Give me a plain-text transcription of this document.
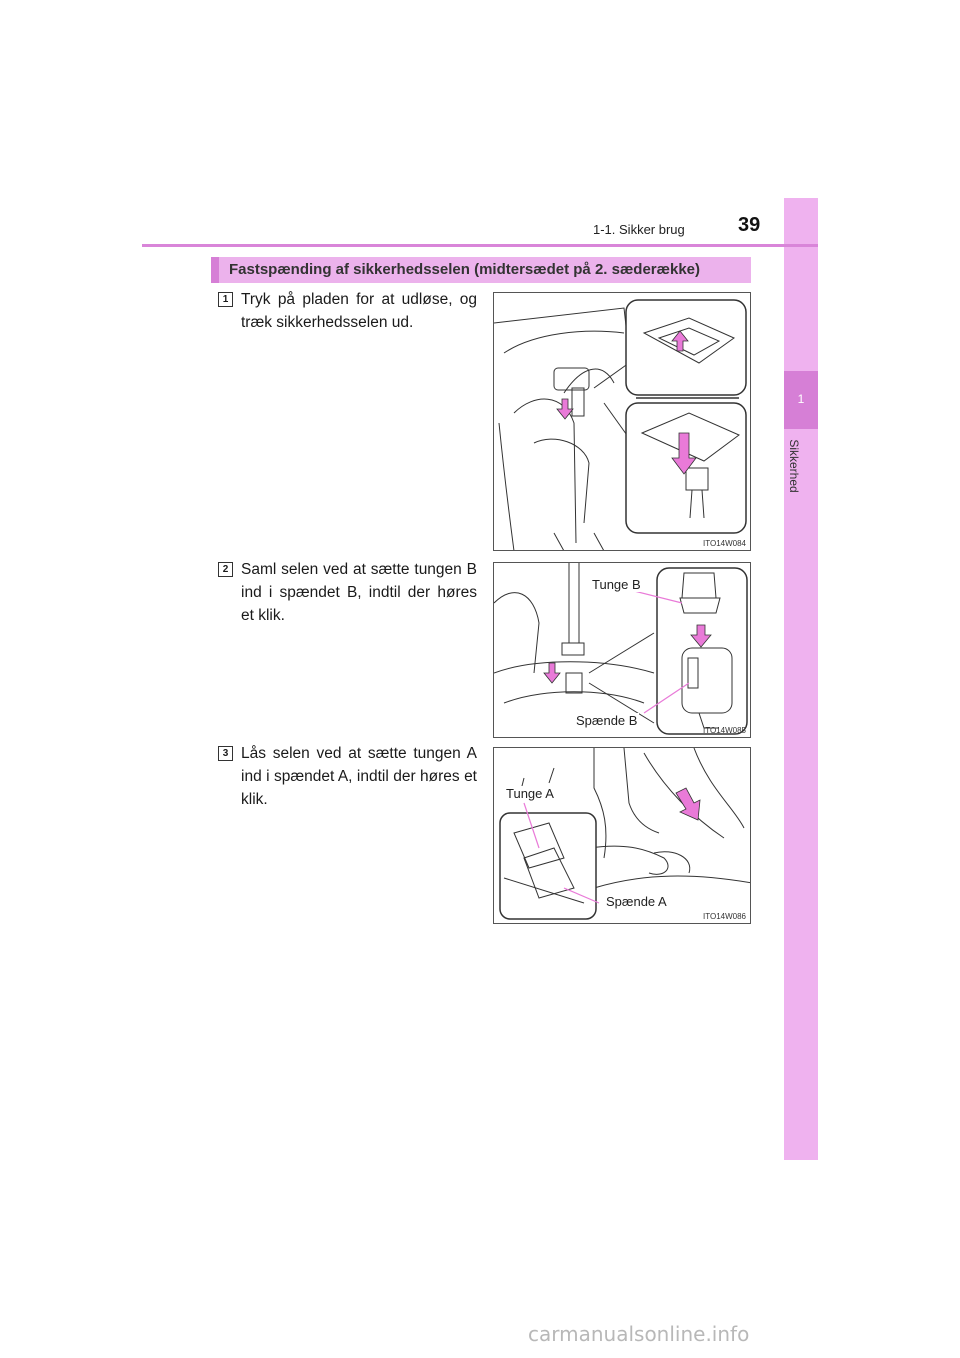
1
Sikkerhed
1-1. Sikker brug	39
Fastspænding af sikkerhedsselen (midtersædet på 2. sæderække)
1 Tryk på pladen for at udløse, og træk sikkerhedsselen ud.
ITO14W084
2 Saml selen ved at sætte tungen B ind i spændet B, indtil der høres et klik.
Tunge B
Spænde B
ITO14W085
3 Lås selen ved at sætte tungen A ind i spændet A, indtil der høres et klik.	Tunge A
Spænde A
ITO14W086
carmanualsonline.info
